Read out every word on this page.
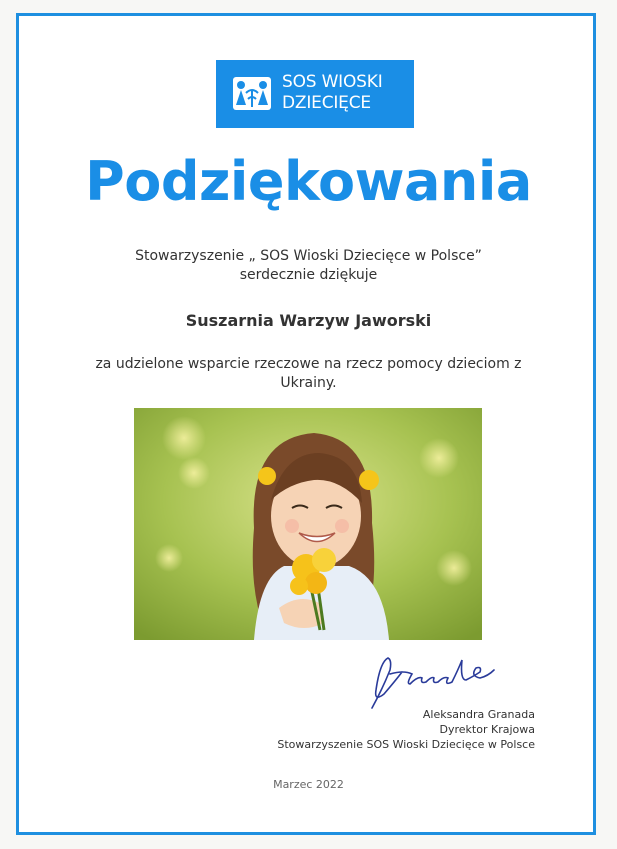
SOS WIOSKI
DZIECIĘCE
Podziękowania
Stowarzyszenie „ SOS Wioski Dziecięce w Polsce”
serdecznie dziękuje
Suszarnia Warzyw Jaworski
za udzielone wsparcie rzeczowe na rzecz pomocy dzieciom z
Ukrainy.
Aleksandra Granada
Dyrektor Krajowa
Stowarzyszenie SOS Wioski Dziecięce w Polsce
Marzec 2022
